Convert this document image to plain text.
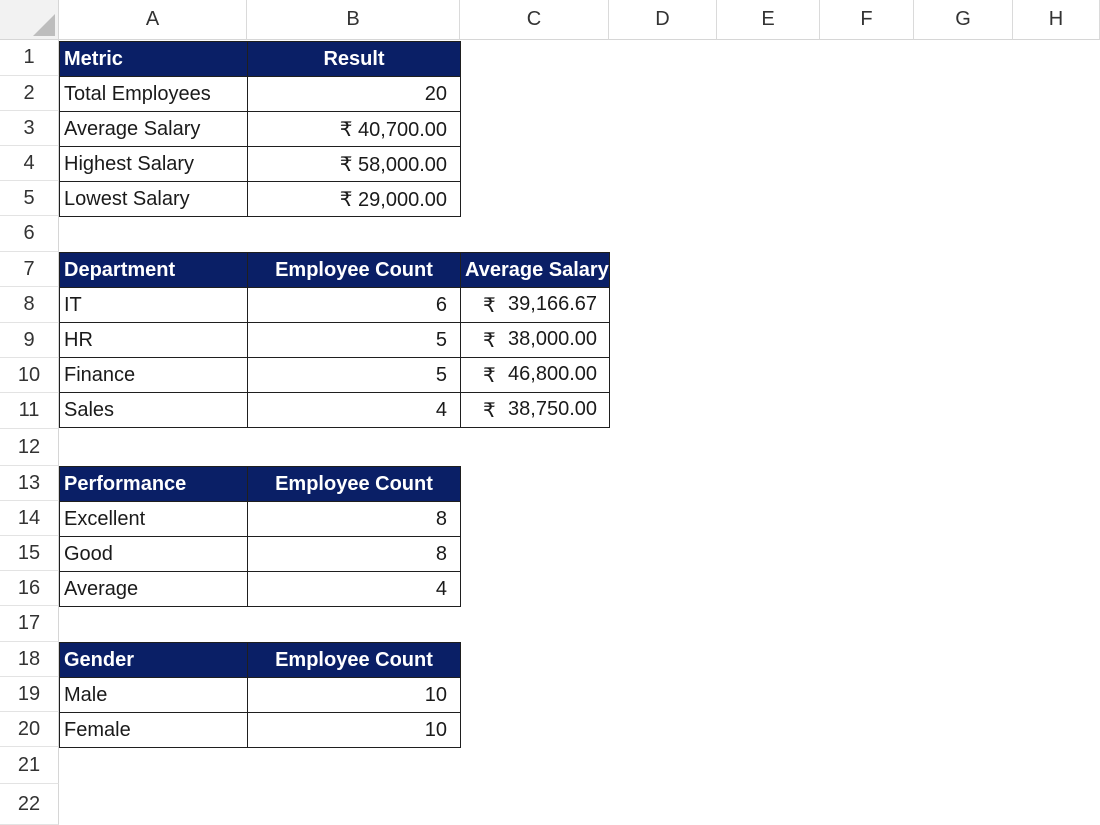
A	B	C	D	E	F	G	H
1
2
3
4
5
6
7
8
9
10
11
12
13
14
15
16
17
18
19
20
21
22
Metric	Result
Total Employees	20
Average Salary	₹ 40,700.00
Highest Salary	₹ 58,000.00
Lowest Salary	₹ 29,000.00
Department	Employee Count	Average Salary
IT	6	₹ 39,166.67

HR	5	₹ 38,000.00

Finance	5	₹ 46,800.00

Sales	4	₹ 38,750.00
Performance	Employee Count
Excellent	8
Good	8
Average	4
Gender	Employee Count
Male	10
Female	10
